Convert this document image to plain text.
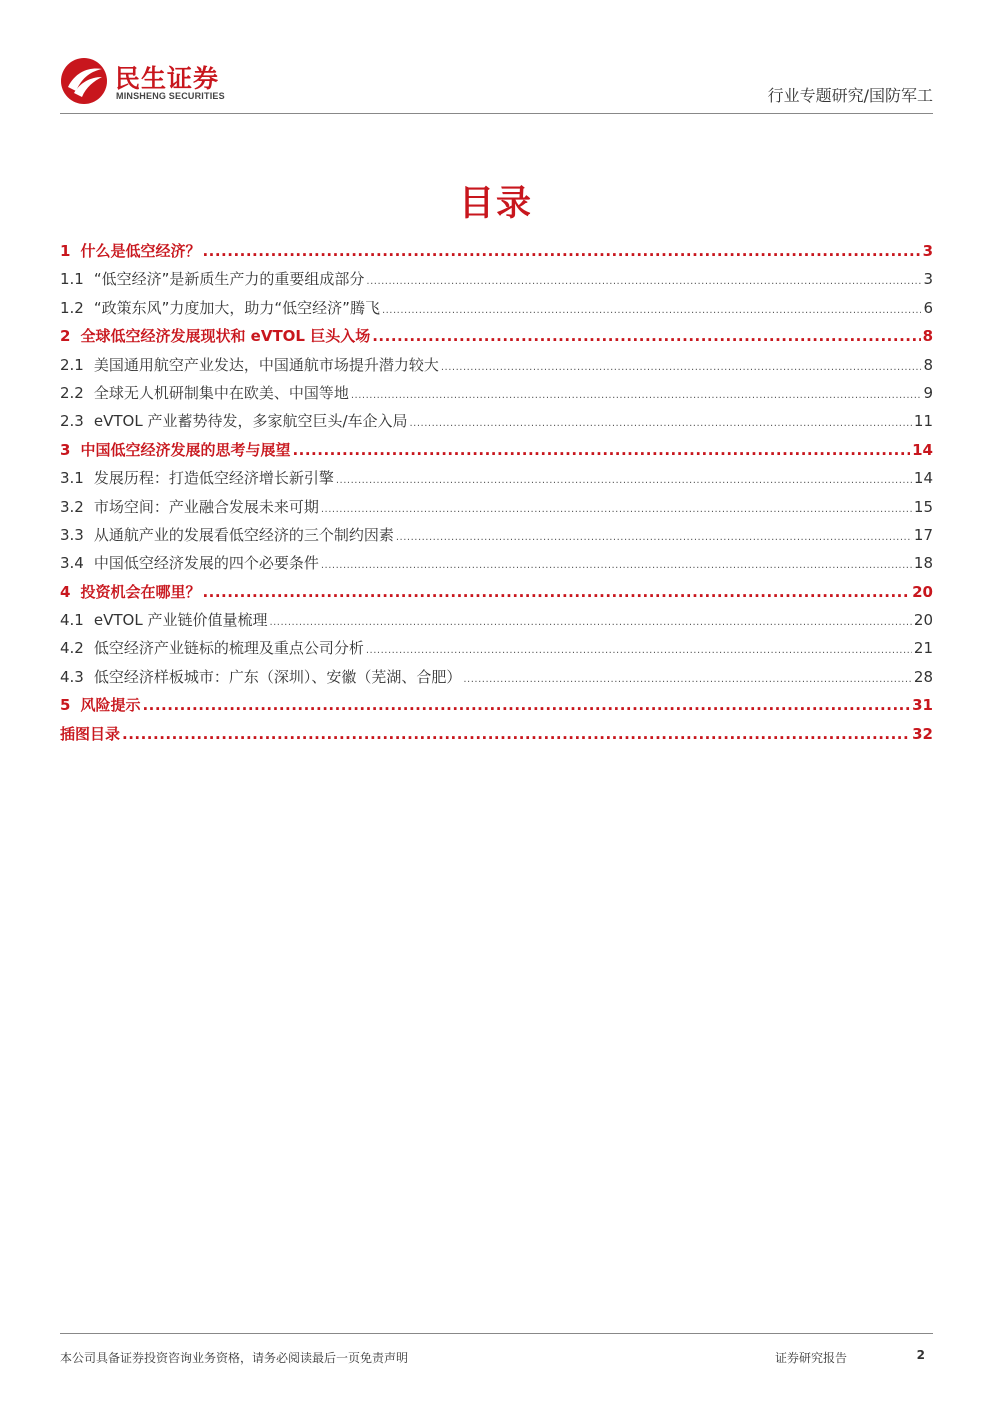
民生证券
MINSHENG SECURITIES	行业专题研究/国防军工
目录
1 什么是低空经济？ .....	3
1.1 “低空经济”是新质生产力的重要组成部分 .....	3
1.2 “政策东风”力度加大，助力“低空经济”腾飞 .....	6
2 全球低空经济发展现状和 eVTOL 巨头入场 .....	8
2.1 美国通用航空产业发达，中国通航市场提升潜力较大 .....	8
2.2 全球无人机研制集中在欧美、中国等地 .....	9
2.3 eVTOL 产业蓄势待发，多家航空巨头/车企入局 .....	11
3 中国低空经济发展的思考与展望 .....	14
3.1 发展历程：打造低空经济增长新引擎 .....	14
3.2 市场空间：产业融合发展未来可期 .....	15
3.3 从通航产业的发展看低空经济的三个制约因素 .....	17
3.4 中国低空经济发展的四个必要条件 .....	18
4 投资机会在哪里？ .....	20
4.1 eVTOL 产业链价值量梳理 .....	20
4.2 低空经济产业链标的梳理及重点公司分析 .....	21
4.3 低空经济样板城市：广东（深圳）、安徽（芜湖、合肥） .....	28
5 风险提示 .....	31
插图目录 .....	32
本公司具备证券投资咨询业务资格，请务必阅读最后一页免责声明	证券研究报告	2
